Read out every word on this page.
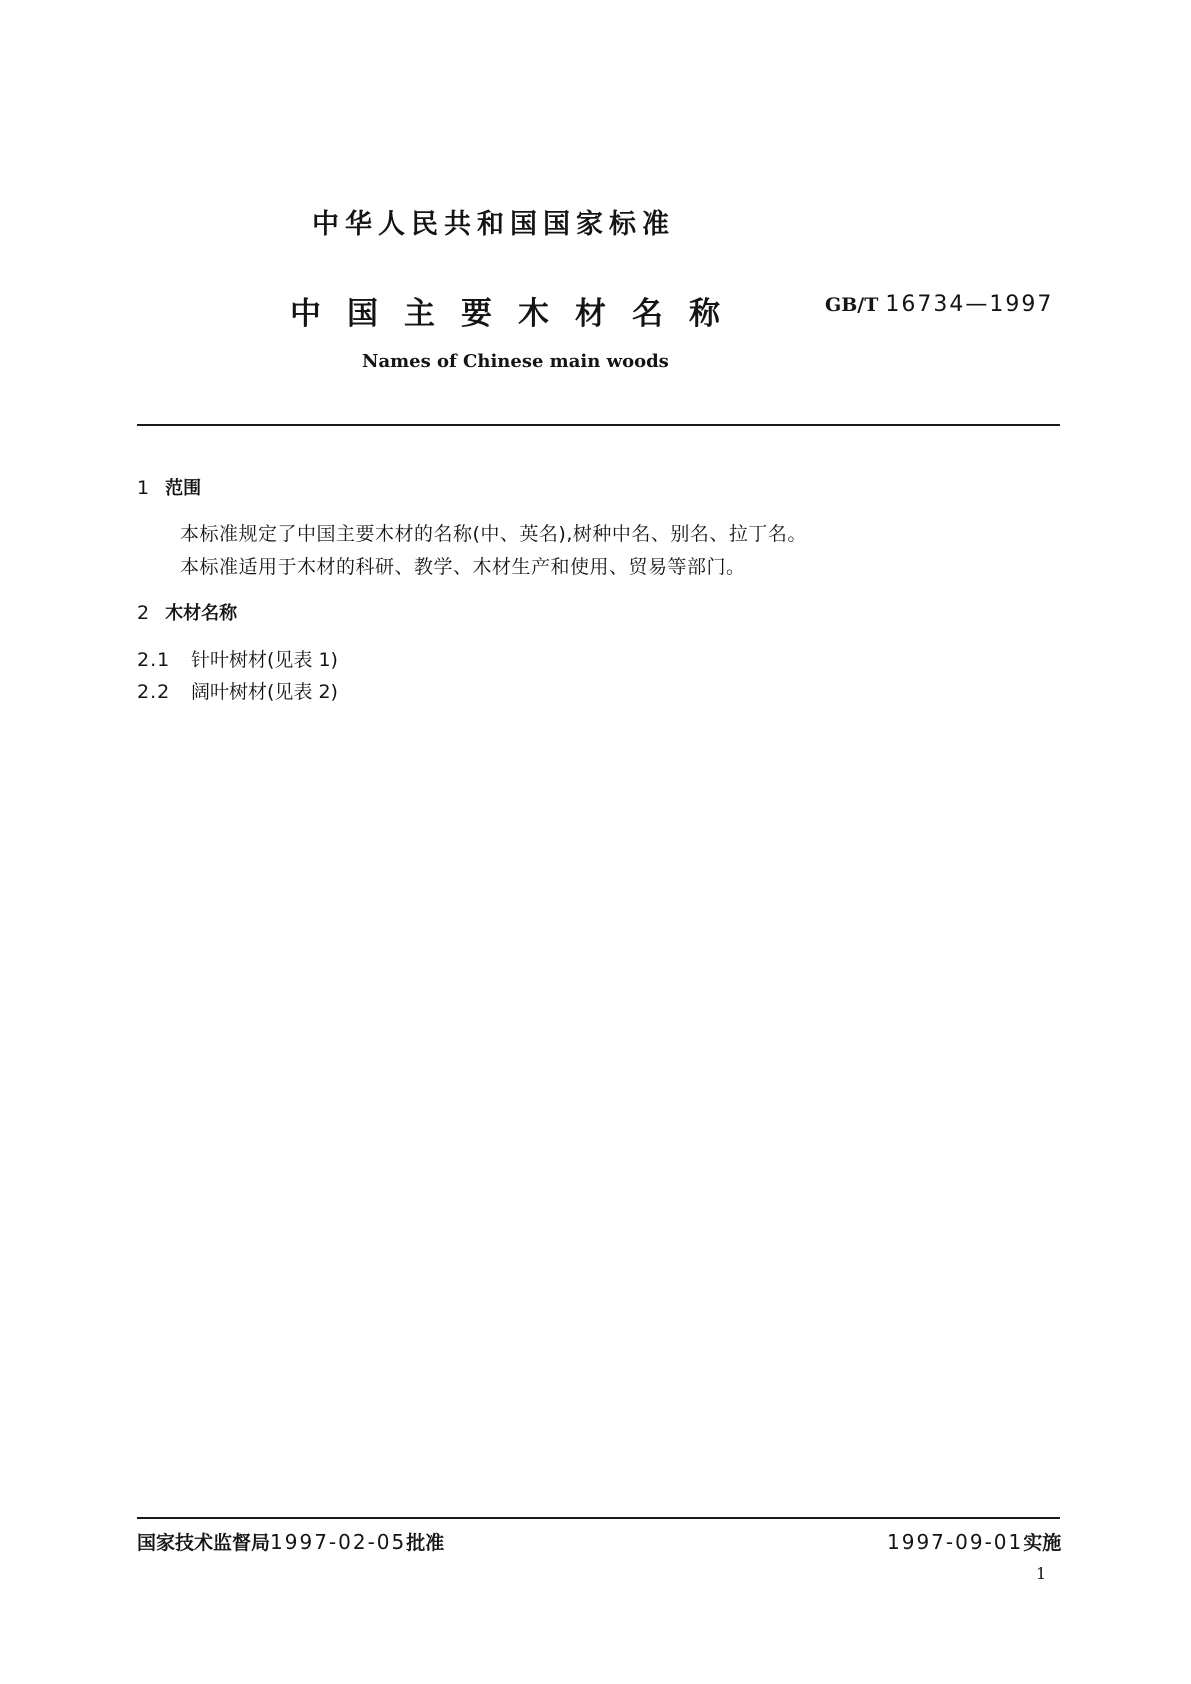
中华人民共和国国家标准
中国主要木材名称	GB/T 16734—1997
Names of Chinese main woods
1 范围
本标准规定了中国主要木材的名称(中、英名),树种中名、别名、拉丁名。
本标准适用于木材的科研、教学、木材生产和使用、贸易等部门。
2 木材名称
2.1 针叶树材(见表 1)
2.2 阔叶树材(见表 2)
国家技术监督局1997-02-05批准	1997-09-01实施
1
